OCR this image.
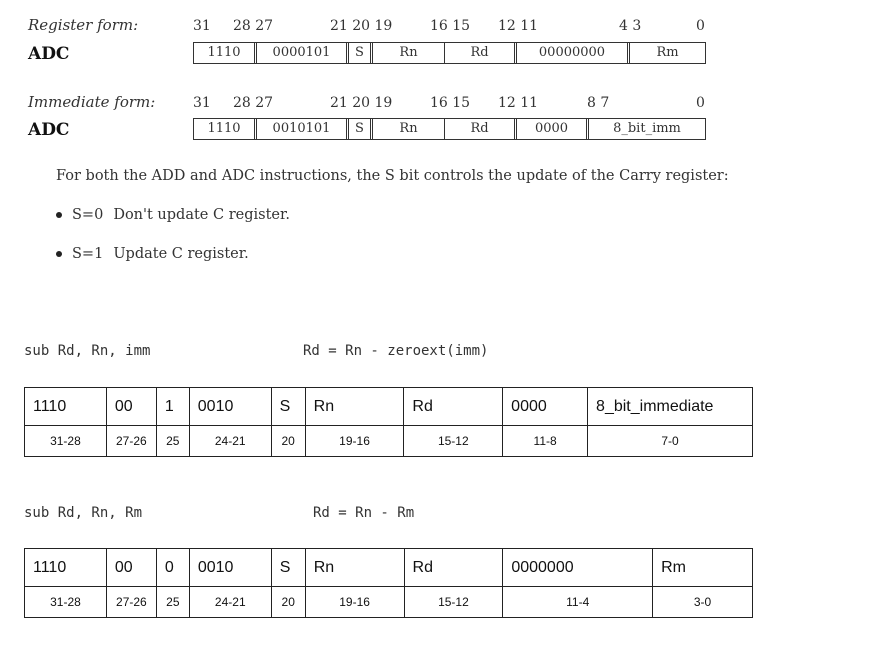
Register form:
ADC
31 28 27	21 20 19	16 15 12 11	4 3	0
1110	0000101	S	Rn	Rd	00000000	Rm
Immediate form:
ADC
31 28 27	21 20 19	16 15 12 11	8 7	0
1110	0010101	S	Rn	Rd	0000	8_bit_imm
For both the ADD and ADC instructions, the S bit controls the update of the Carry register:
S=0 Don't update C register.
S=1 Update C register.
sub Rd, Rn, imm	Rd = Rn - zeroext(imm)
1110	00	1	0010	S	Rn	Rd	0000	8_bit_immediate
31-28	27-26	25	24-21	20	19-16	15-12	11-8	7-0
sub Rd, Rn, Rm	Rd = Rn - Rm
1110	00	0	0010	S	Rn	Rd	0000000	Rm
31-28	27-26	25	24-21	20	19-16	15-12	11-4	3-0
